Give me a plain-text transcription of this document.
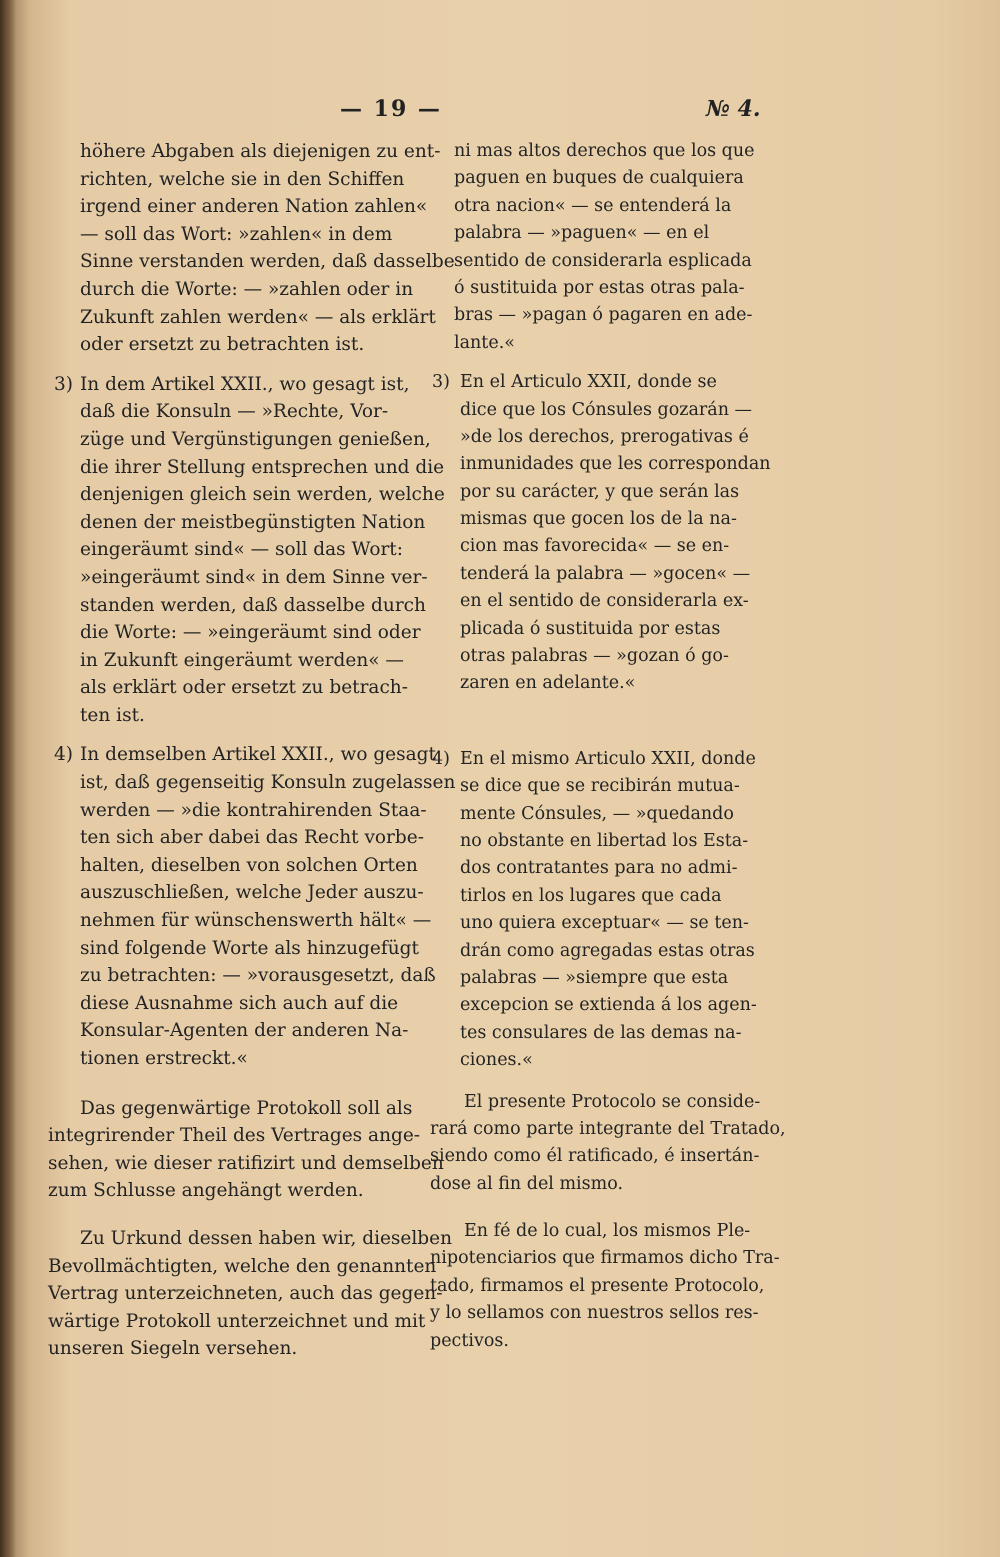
— 19 —	№ 4.
höhere Abgaben als diejenigen zu ent-
richten, welche sie in den Schiffen
irgend einer anderen Nation zahlen«
— soll das Wort: »zahlen« in dem
Sinne verstanden werden, daß dasselbe
durch die Worte: — »zahlen oder in
Zukunft zahlen werden« — als erklärt
oder ersetzt zu betrachten ist.
3) In dem Artikel XXII., wo gesagt ist,
daß die Konsuln — »Rechte, Vor-
züge und Vergünstigungen genießen,
die ihrer Stellung entsprechen und die
denjenigen gleich sein werden, welche
denen der meistbegünstigten Nation
eingeräumt sind« — soll das Wort:
»eingeräumt sind« in dem Sinne ver-
standen werden, daß dasselbe durch
die Worte: — »eingeräumt sind oder
in Zukunft eingeräumt werden« —
als erklärt oder ersetzt zu betrach-
ten ist.
4) In demselben Artikel XXII., wo gesagt
ist, daß gegenseitig Konsuln zugelassen
werden — »die kontrahirenden Staa-
ten sich aber dabei das Recht vorbe-
halten, dieselben von solchen Orten
auszuschließen, welche Jeder auszu-
nehmen für wünschenswerth hält« —
sind folgende Worte als hinzugefügt
zu betrachten: — »vorausgesetzt, daß
diese Ausnahme sich auch auf die
Konsular-Agenten der anderen Na-
tionen erstreckt.«
Das gegenwärtige Protokoll soll als
integrirender Theil des Vertrages ange-
sehen, wie dieser ratifizirt und demselben
zum Schlusse angehängt werden.
Zu Urkund dessen haben wir, dieselben
Bevollmächtigten, welche den genannten
Vertrag unterzeichneten, auch das gegen-
wärtige Protokoll unterzeichnet und mit
unseren Siegeln versehen.
ni mas altos derechos que los que
paguen en buques de cualquiera
otra nacion« — se entenderá la
palabra — »paguen« — en el
sentido de considerarla esplicada
ó sustituida por estas otras pala-
bras — »pagan ó pagaren en ade-
lante.«
3) En el Articulo XXII, donde se
dice que los Cónsules gozarán —
»de los derechos, prerogativas é
inmunidades que les correspondan
por su carácter, y que serán las
mismas que gocen los de la na-
cion mas favorecida« — se en-
tenderá la palabra — »gocen« —
en el sentido de considerarla ex-
plicada ó sustituida por estas
otras palabras — »gozan ó go-
zaren en adelante.«
4) En el mismo Articulo XXII, donde
se dice que se recibirán mutua-
mente Cónsules, — »quedando
no obstante en libertad los Esta-
dos contratantes para no admi-
tirlos en los lugares que cada
uno quiera exceptuar« — se ten-
drán como agregadas estas otras
palabras — »siempre que esta
excepcion se extienda á los agen-
tes consulares de las demas na-
ciones.«
El presente Protocolo se conside-
rará como parte integrante del Tratado,
siendo como él ratificado, é insertán-
dose al fin del mismo.
En fé de lo cual, los mismos Ple-
nipotenciarios que firmamos dicho Tra-
tado, firmamos el presente Protocolo,
y lo sellamos con nuestros sellos res-
pectivos.
